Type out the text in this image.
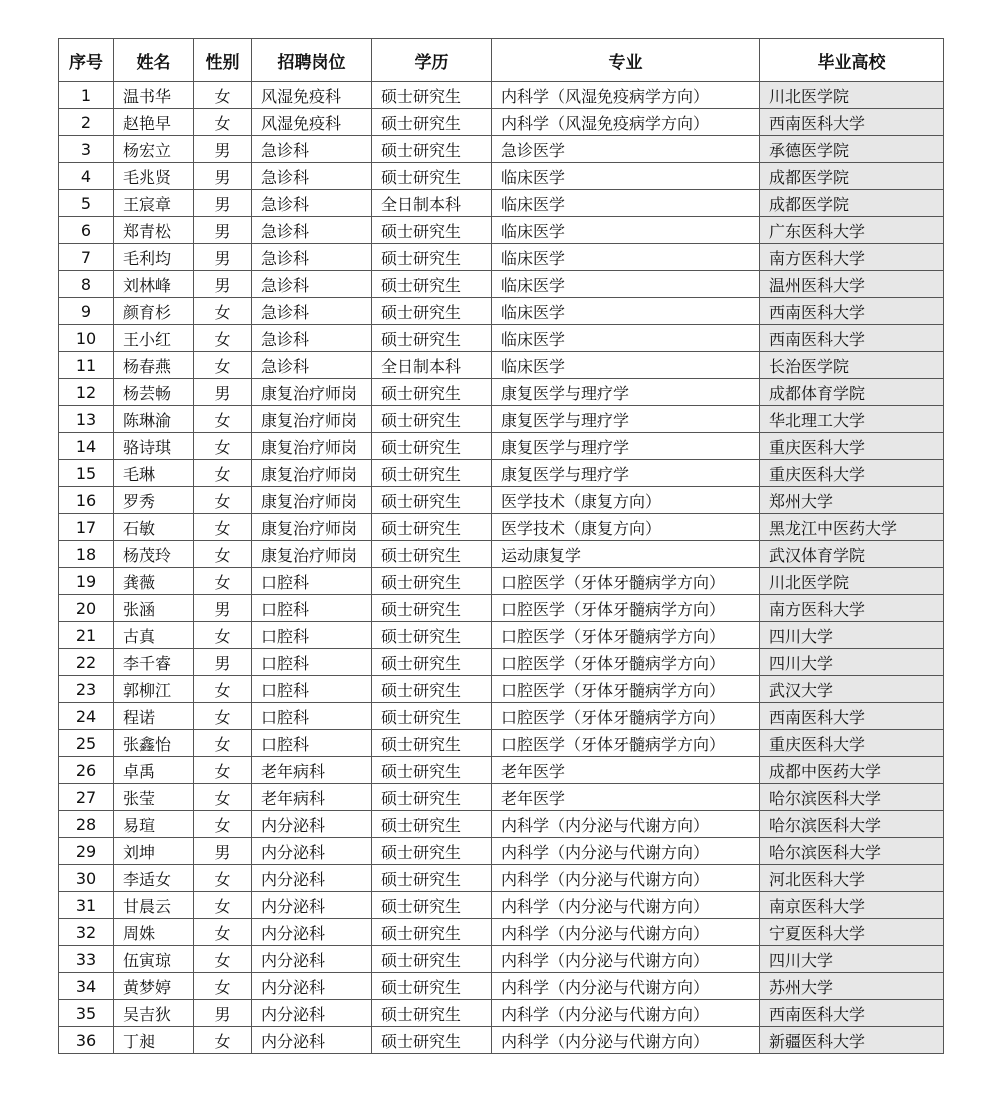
序号	姓名	性别	招聘岗位	学历	专业	毕业高校
1	温书华	女	风湿免疫科	硕士研究生	内科学（风湿免疫病学方向）	川北医学院
2	赵艳早	女	风湿免疫科	硕士研究生	内科学（风湿免疫病学方向）	西南医科大学
3	杨宏立	男	急诊科	硕士研究生	急诊医学	承德医学院
4	毛兆贤	男	急诊科	硕士研究生	临床医学	成都医学院
5	王宸章	男	急诊科	全日制本科	临床医学	成都医学院
6	郑青松	男	急诊科	硕士研究生	临床医学	广东医科大学
7	毛利均	男	急诊科	硕士研究生	临床医学	南方医科大学
8	刘林峰	男	急诊科	硕士研究生	临床医学	温州医科大学
9	颜育杉	女	急诊科	硕士研究生	临床医学	西南医科大学
10	王小红	女	急诊科	硕士研究生	临床医学	西南医科大学
11	杨春燕	女	急诊科	全日制本科	临床医学	长治医学院
12	杨芸畅	男	康复治疗师岗	硕士研究生	康复医学与理疗学	成都体育学院
13	陈琳渝	女	康复治疗师岗	硕士研究生	康复医学与理疗学	华北理工大学
14	骆诗琪	女	康复治疗师岗	硕士研究生	康复医学与理疗学	重庆医科大学
15	毛琳	女	康复治疗师岗	硕士研究生	康复医学与理疗学	重庆医科大学
16	罗秀	女	康复治疗师岗	硕士研究生	医学技术（康复方向）	郑州大学
17	石敏	女	康复治疗师岗	硕士研究生	医学技术（康复方向）	黑龙江中医药大学
18	杨茂玲	女	康复治疗师岗	硕士研究生	运动康复学	武汉体育学院
19	龚薇	女	口腔科	硕士研究生	口腔医学（牙体牙髓病学方向）	川北医学院
20	张涵	男	口腔科	硕士研究生	口腔医学（牙体牙髓病学方向）	南方医科大学
21	古真	女	口腔科	硕士研究生	口腔医学（牙体牙髓病学方向）	四川大学
22	李千睿	男	口腔科	硕士研究生	口腔医学（牙体牙髓病学方向）	四川大学
23	郭柳江	女	口腔科	硕士研究生	口腔医学（牙体牙髓病学方向）	武汉大学
24	程诺	女	口腔科	硕士研究生	口腔医学（牙体牙髓病学方向）	西南医科大学
25	张鑫怡	女	口腔科	硕士研究生	口腔医学（牙体牙髓病学方向）	重庆医科大学
26	卓禹	女	老年病科	硕士研究生	老年医学	成都中医药大学
27	张莹	女	老年病科	硕士研究生	老年医学	哈尔滨医科大学
28	易瑄	女	内分泌科	硕士研究生	内科学（内分泌与代谢方向）	哈尔滨医科大学
29	刘坤	男	内分泌科	硕士研究生	内科学（内分泌与代谢方向）	哈尔滨医科大学
30	李适女	女	内分泌科	硕士研究生	内科学（内分泌与代谢方向）	河北医科大学
31	甘晨云	女	内分泌科	硕士研究生	内科学（内分泌与代谢方向）	南京医科大学
32	周姝	女	内分泌科	硕士研究生	内科学（内分泌与代谢方向）	宁夏医科大学
33	伍寅琼	女	内分泌科	硕士研究生	内科学（内分泌与代谢方向）	四川大学
34	黄梦婷	女	内分泌科	硕士研究生	内科学（内分泌与代谢方向）	苏州大学
35	吴吉狄	男	内分泌科	硕士研究生	内科学（内分泌与代谢方向）	西南医科大学
36	丁昶	女	内分泌科	硕士研究生	内科学（内分泌与代谢方向）	新疆医科大学
